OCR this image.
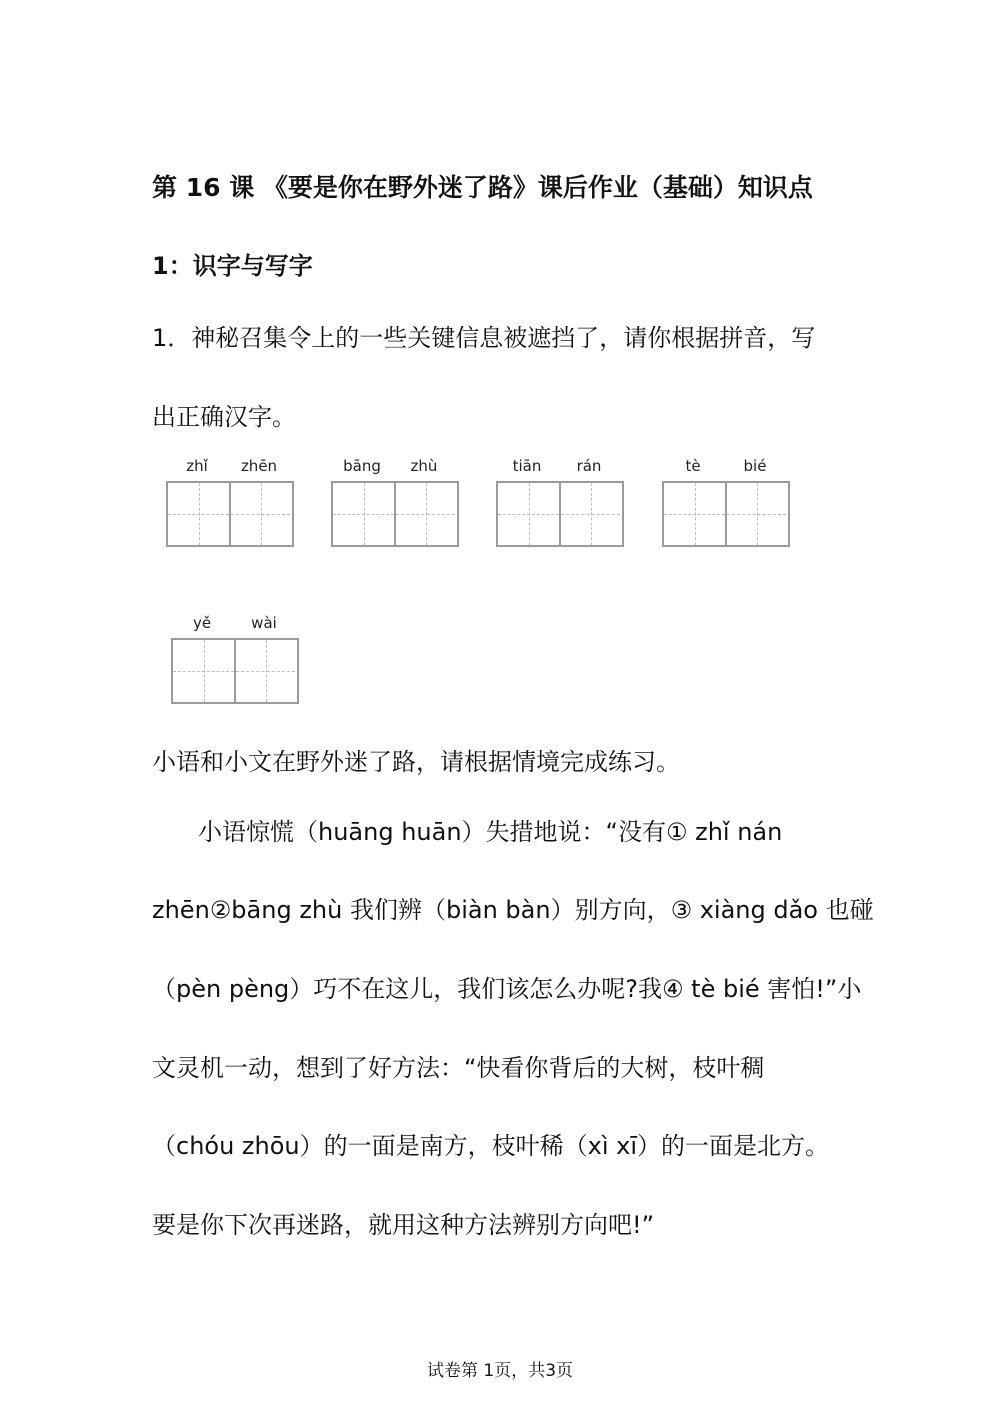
第 16 课 《要是你在野外迷了路》课后作业（基础）知识点
1：识字与写字
1．神秘召集令上的一些关键信息被遮挡了，请你根据拼音，写
出正确汉字。
zhǐ	zhēn	bāng	zhù	tiān	rán	tè	bié
yě	wài
小语和小文在野外迷了路，请根据情境完成练习。
小语惊慌（huāng huān）失措地说：“没有① zhǐ nán
zhēn②bāng zhù 我们辨（biàn bàn）别方向，③ xiàng dǎo 也碰
（pèn pèng）巧不在这儿，我们该怎么办呢?我④ tè bié 害怕!”小
文灵机一动，想到了好方法：“快看你背后的大树，枝叶稠
（chóu zhōu）的一面是南方，枝叶稀（xì xī）的一面是北方。
要是你下次再迷路，就用这种方法辨别方向吧!”
试卷第 1页，共3页
